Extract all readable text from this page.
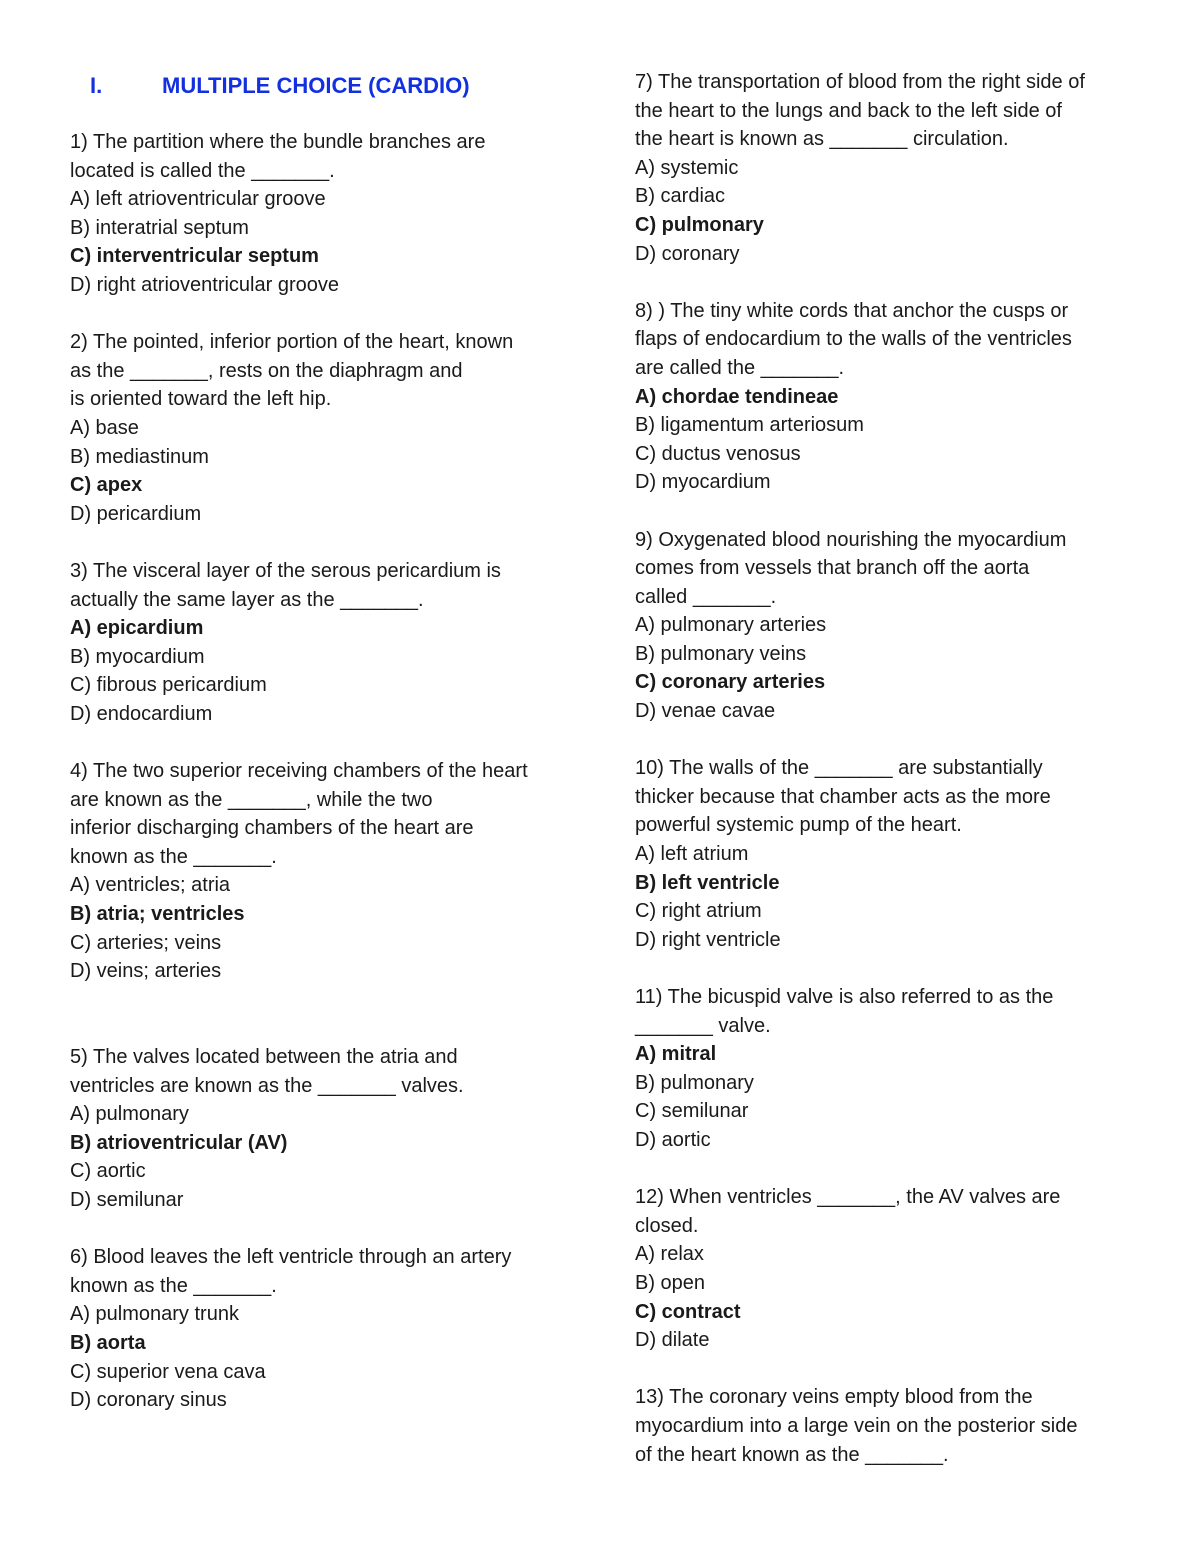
I.	MULTIPLE CHOICE (CARDIO)
1) The partition where the bundle branches are
located is called the _______.
A) left atrioventricular groove
B) interatrial septum
C) interventricular septum
D) right atrioventricular groove
2) The pointed, inferior portion of the heart, known
as the _______, rests on the diaphragm and
is oriented toward the left hip.
A) base
B) mediastinum
C) apex
D) pericardium
3) The visceral layer of the serous pericardium is
actually the same layer as the _______.
A) epicardium
B) myocardium
C) fibrous pericardium
D) endocardium
4) The two superior receiving chambers of the heart
are known as the _______, while the two
inferior discharging chambers of the heart are
known as the _______.
A) ventricles; atria
B) atria; ventricles
C) arteries; veins
D) veins; arteries
5) The valves located between the atria and
ventricles are known as the _______ valves.
A) pulmonary
B) atrioventricular (AV)
C) aortic
D) semilunar
6) Blood leaves the left ventricle through an artery
known as the _______.
A) pulmonary trunk
B) aorta
C) superior vena cava
D) coronary sinus
7) The transportation of blood from the right side of
the heart to the lungs and back to the left side of
the heart is known as _______ circulation.
A) systemic
B) cardiac
C) pulmonary
D) coronary
8) ) The tiny white cords that anchor the cusps or
flaps of endocardium to the walls of the ventricles
are called the _______.
A) chordae tendineae
B) ligamentum arteriosum
C) ductus venosus
D) myocardium
9) Oxygenated blood nourishing the myocardium
comes from vessels that branch off the aorta
called _______.
A) pulmonary arteries
B) pulmonary veins
C) coronary arteries
D) venae cavae
10) The walls of the _______ are substantially
thicker because that chamber acts as the more
powerful systemic pump of the heart.
A) left atrium
B) left ventricle
C) right atrium
D) right ventricle
11) The bicuspid valve is also referred to as the
_______ valve.
A) mitral
B) pulmonary
C) semilunar
D) aortic
12) When ventricles _______, the AV valves are
closed.
A) relax
B) open
C) contract
D) dilate
13) The coronary veins empty blood from the
myocardium into a large vein on the posterior side
of the heart known as the _______.
